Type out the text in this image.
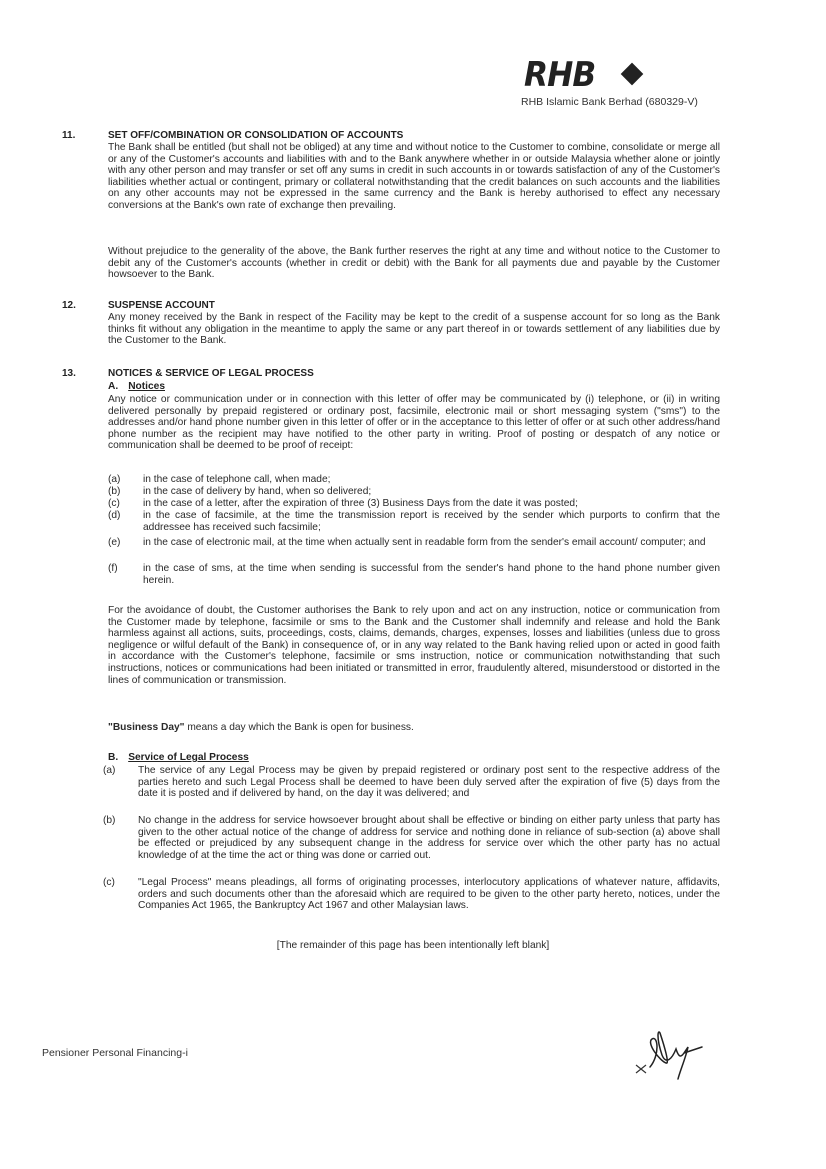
RHB
RHB Islamic Bank Berhad (680329-V)
11.	SET OFF/COMBINATION OR CONSOLIDATION OF ACCOUNTS
The Bank shall be entitled (but shall not be obliged) at any time and without notice to the Customer to combine, consolidate or merge all or any of the Customer's accounts and liabilities with and to the Bank anywhere whether in or outside Malaysia whether alone or jointly with any other person and may transfer or set off any sums in credit in such accounts in or towards satisfaction of any of the Customer's liabilities whether actual or contingent, primary or collateral notwithstanding that the credit balances on such accounts and the liabilities on any other accounts may not be expressed in the same currency and the Bank is hereby authorised to effect any necessary conversions at the Bank's own rate of exchange then prevailing.
Without prejudice to the generality of the above, the Bank further reserves the right at any time and without notice to the Customer to debit any of the Customer's accounts (whether in credit or debit) with the Bank for all payments due and payable by the Customer howsoever to the Bank.
12.	SUSPENSE ACCOUNT
Any money received by the Bank in respect of the Facility may be kept to the credit of a suspense account for so long as the Bank thinks fit without any obligation in the meantime to apply the same or any part thereof in or towards settlement of any liabilities due by the Customer to the Bank.
13.	NOTICES & SERVICE OF LEGAL PROCESS
A. Notices
Any notice or communication under or in connection with this letter of offer may be communicated by (i) telephone, or (ii) in writing delivered personally by prepaid registered or ordinary post, facsimile, electronic mail or short messaging system ("sms") to the addresses and/or hand phone number given in this letter of offer or in the acceptance to this letter of offer or at such other address/hand phone number as the recipient may have notified to the other party in writing. Proof of posting or despatch of any notice or communication shall be deemed to be proof of receipt:
(a) in the case of telephone call, when made;
(b) in the case of delivery by hand, when so delivered;
(c) in the case of a letter, after the expiration of three (3) Business Days from the date it was posted;
(d) in the case of facsimile, at the time the transmission report is received by the sender which purports to confirm that the addressee has received such facsimile;
(e) in the case of electronic mail, at the time when actually sent in readable form from the sender's email account/ computer; and
(f) in the case of sms, at the time when sending is successful from the sender's hand phone to the hand phone number given herein.
For the avoidance of doubt, the Customer authorises the Bank to rely upon and act on any instruction, notice or communication from the Customer made by telephone, facsimile or sms to the Bank and the Customer shall indemnify and release and hold the Bank harmless against all actions, suits, proceedings, costs, claims, demands, charges, expenses, losses and liabilities (unless due to gross negligence or wilful default of the Bank) in consequence of, or in any way related to the Bank having relied upon or acted in good faith in accordance with the Customer's telephone, facsimile or sms instruction, notice or communication notwithstanding that such instructions, notices or communications had been initiated or transmitted in error, fraudulently altered, misunderstood or distorted in the lines of communication or transmission.
"Business Day" means a day which the Bank is open for business.
B. Service of Legal Process
(a) The service of any Legal Process may be given by prepaid registered or ordinary post sent to the respective address of the parties hereto and such Legal Process shall be deemed to have been duly served after the expiration of five (5) days from the date it is posted and if delivered by hand, on the day it was delivered; and
(b) No change in the address for service howsoever brought about shall be effective or binding on either party unless that party has given to the other actual notice of the change of address for service and nothing done in reliance of sub-section (a) above shall be effected or prejudiced by any subsequent change in the address for service over which the other party has no actual knowledge of at the time the act or thing was done or carried out.
(c) "Legal Process" means pleadings, all forms of originating processes, interlocutory applications of whatever nature, affidavits, orders and such documents other than the aforesaid which are required to be given to the other party hereto, notices, under the Companies Act 1965, the Bankruptcy Act 1967 and other Malaysian laws.
[The remainder of this page has been intentionally left blank]
Pensioner Personal Financing-i
